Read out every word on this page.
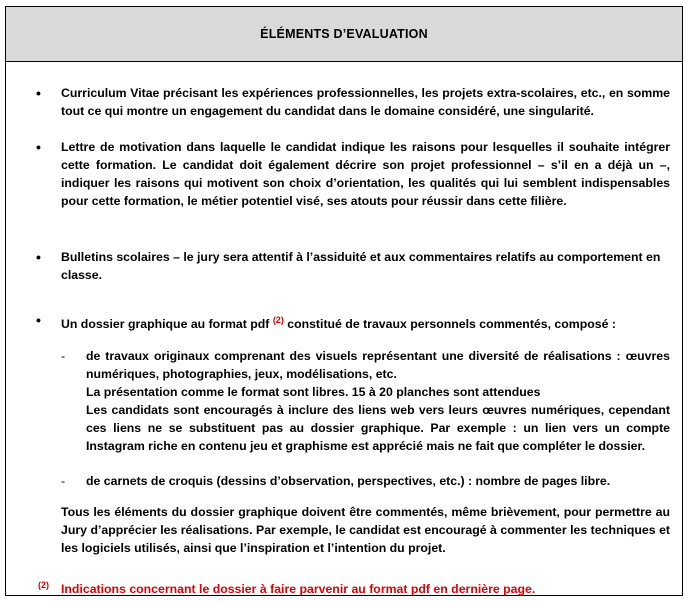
ÉLÉMENTS D’EVALUATION
• Curriculum Vitae précisant les expériences professionnelles, les projets extra-scolaires, etc., en somme tout ce qui montre un engagement du candidat dans le domaine considéré, une singularité.
• Lettre de motivation dans laquelle le candidat indique les raisons pour lesquelles il souhaite intégrer cette formation. Le candidat doit également décrire son projet professionnel – s’il en a déjà un –, indiquer les raisons qui motivent son choix d’orientation, les qualités qui lui semblent indispensables pour cette formation, le métier potentiel visé, ses atouts pour réussir dans cette filière.
• Bulletins scolaires – le jury sera attentif à l’assiduité et aux commentaires relatifs au comportement en classe.
• Un dossier graphique au format pdf $^{(2)}$ constitué de travaux personnels commentés, composé :
- de travaux originaux comprenant des visuels représentant une diversité de réalisations : œuvres numériques, photographies, jeux, modélisations, etc.
La présentation comme le format sont libres. 15 à 20 planches sont attendues
Les candidats sont encouragés à inclure des liens web vers leurs œuvres numériques, cependant ces liens ne se substituent pas au dossier graphique. Par exemple : un lien vers un compte Instagram riche en contenu jeu et graphisme est apprécié mais ne fait que compléter le dossier.
- de carnets de croquis (dessins d’observation, perspectives, etc.) : nombre de pages libre.
Tous les éléments du dossier graphique doivent être commentés, même brièvement, pour permettre au Jury d’apprécier les réalisations. Par exemple, le candidat est encouragé à commenter les techniques et les logiciels utilisés, ainsi que l’inspiration et l’intention du projet.
(2) Indications concernant le dossier à faire parvenir au format pdf en dernière page.
